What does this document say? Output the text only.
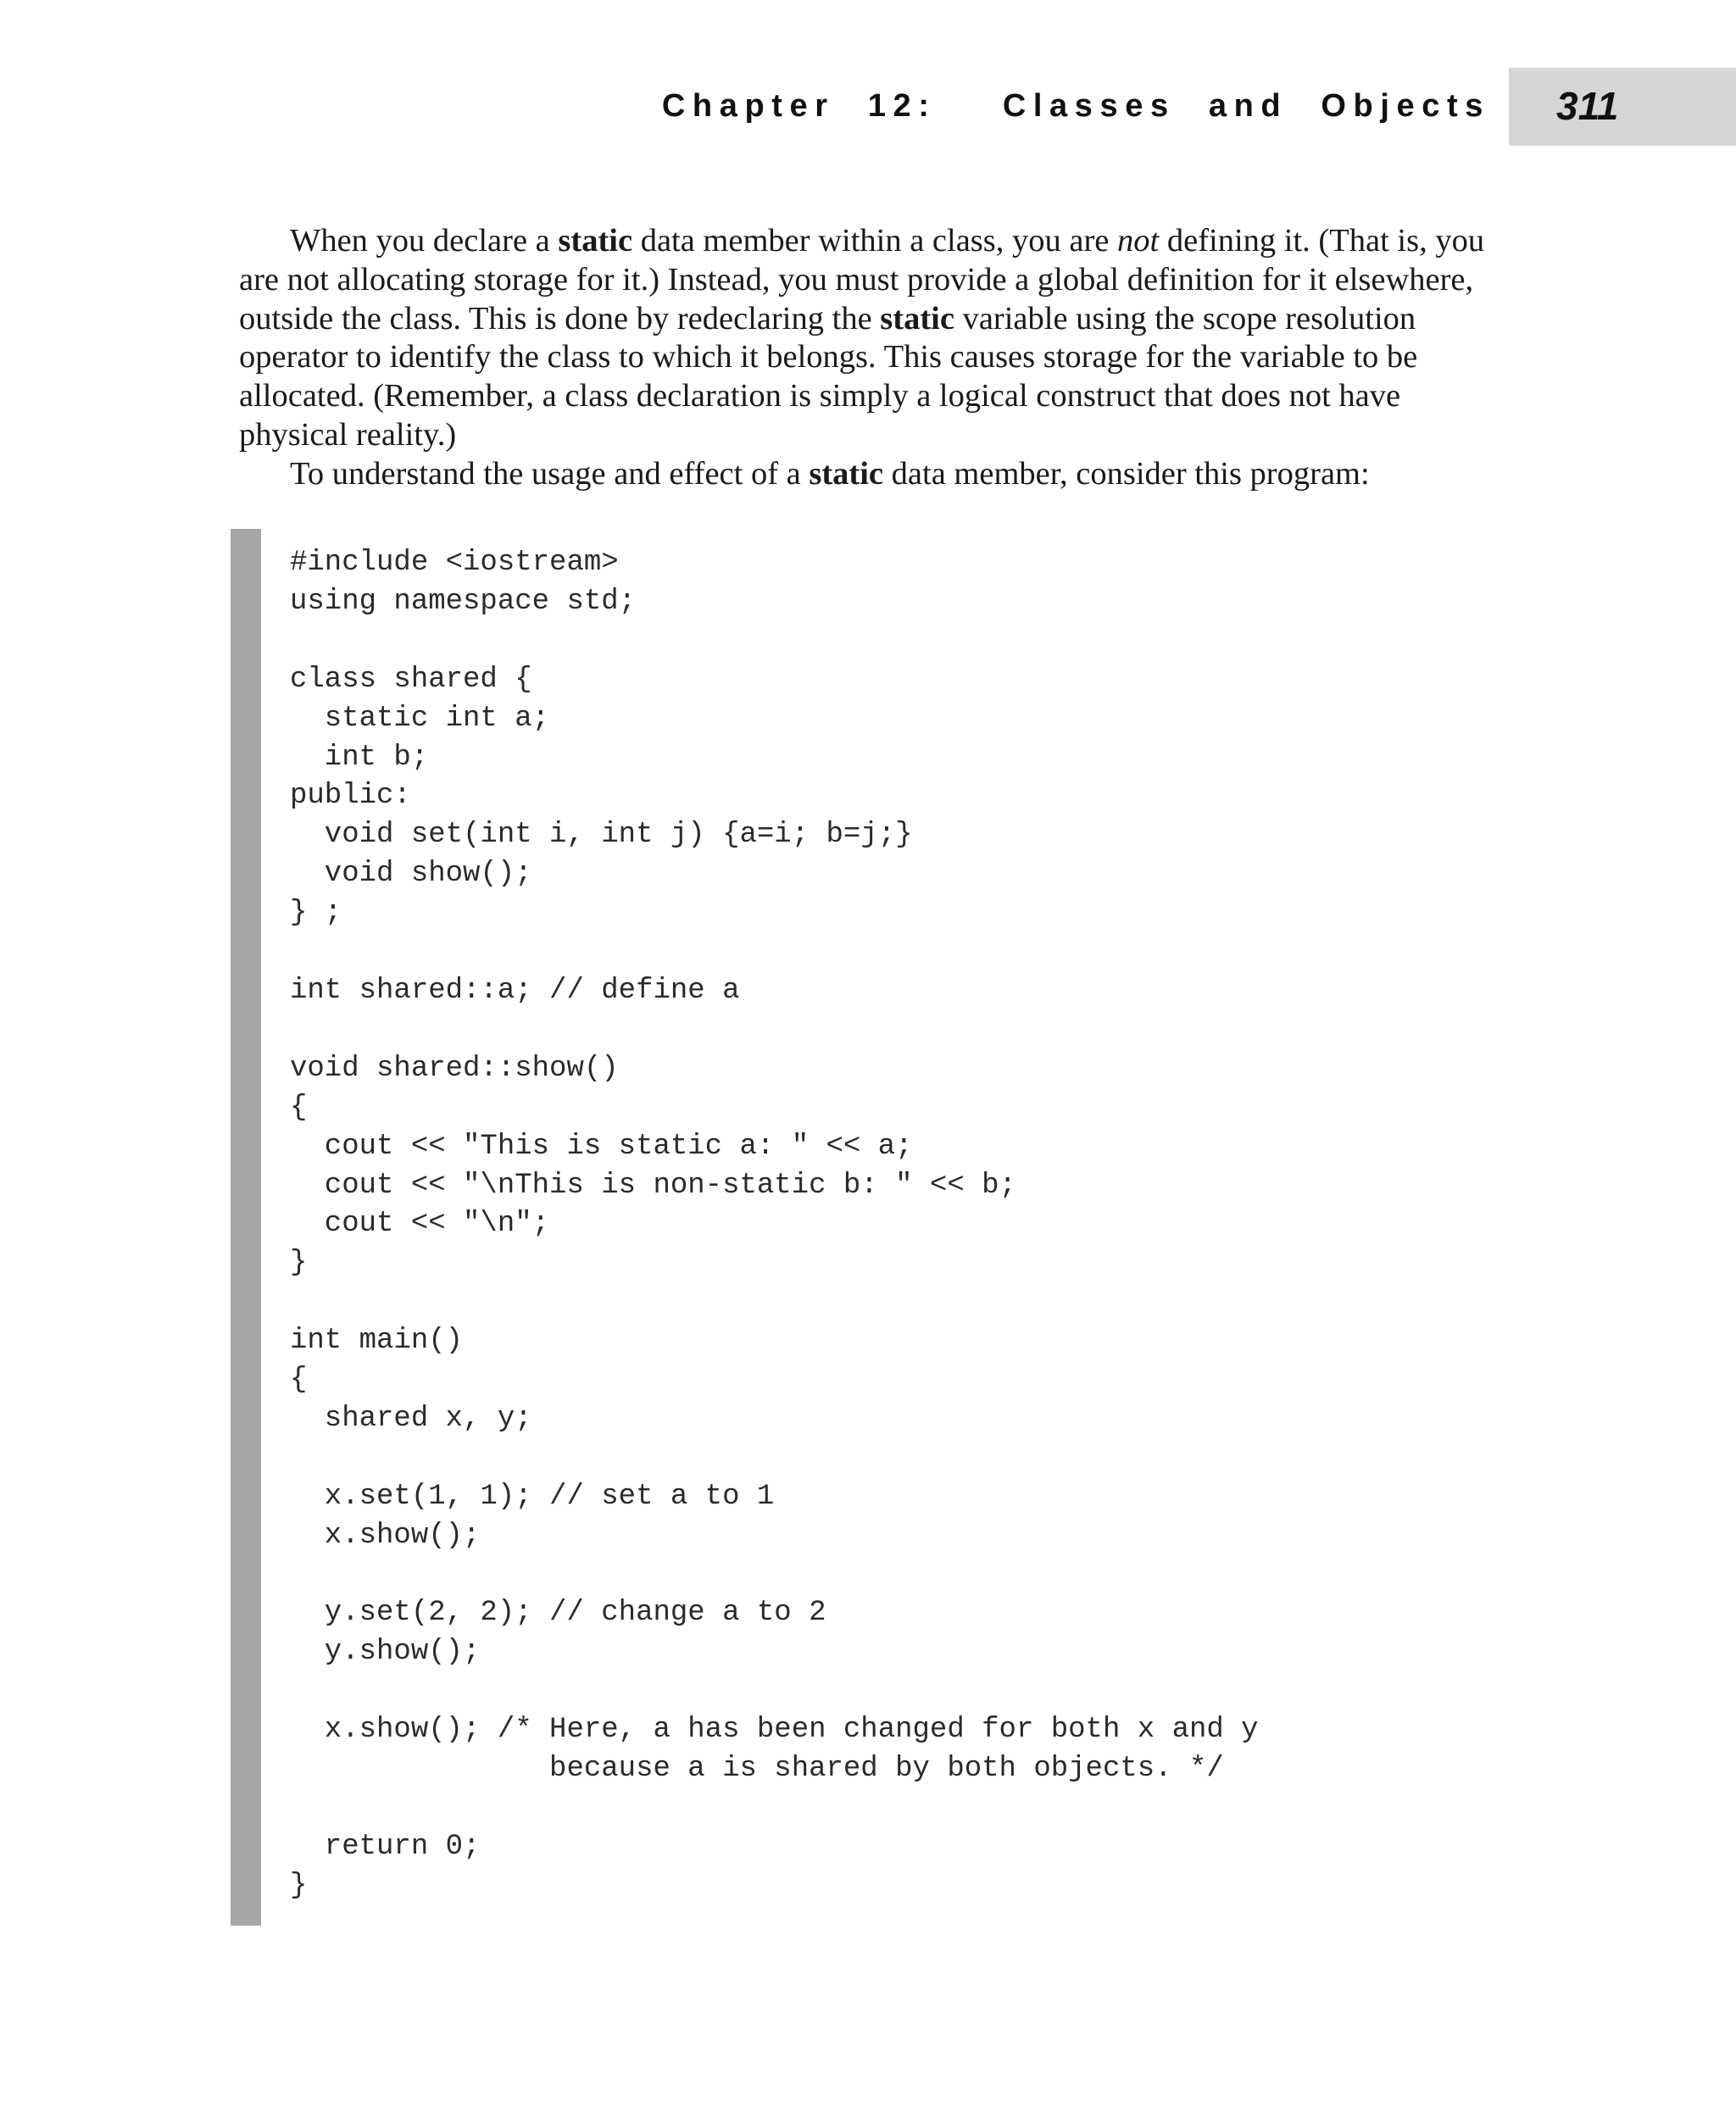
Chapter 12:  Classes and Objects 311

When you declare a static data member within a class, you are not defining it. (That is, you are not allocating storage for it.) Instead, you must provide a global definition for it elsewhere, outside the class. This is done by redeclaring the static variable using the scope resolution operator to identify the class to which it belongs. This causes storage for the variable to be allocated. (Remember, a class declaration is simply a logical construct that does not have physical reality.)

To understand the usage and effect of a static data member, consider this program:

#include <iostream>
using namespace std;

class shared {
static int a;
int b;
public:
void set(int i, int j) {a=i; b=j;}
void show();
} ;

int shared::a; // define a

void shared::show()
{
cout << "This is static a: " << a;
cout << "\nThis is non-static b: " << b;
cout << "\n";
}

int main()
{
shared x, y;

x.set(1, 1); // set a to 1
x.show();

y.set(2, 2); // change a to 2
y.show();

x.show(); /* Here, a has been changed for both x and y
because a is shared by both objects. */

return 0;
}
